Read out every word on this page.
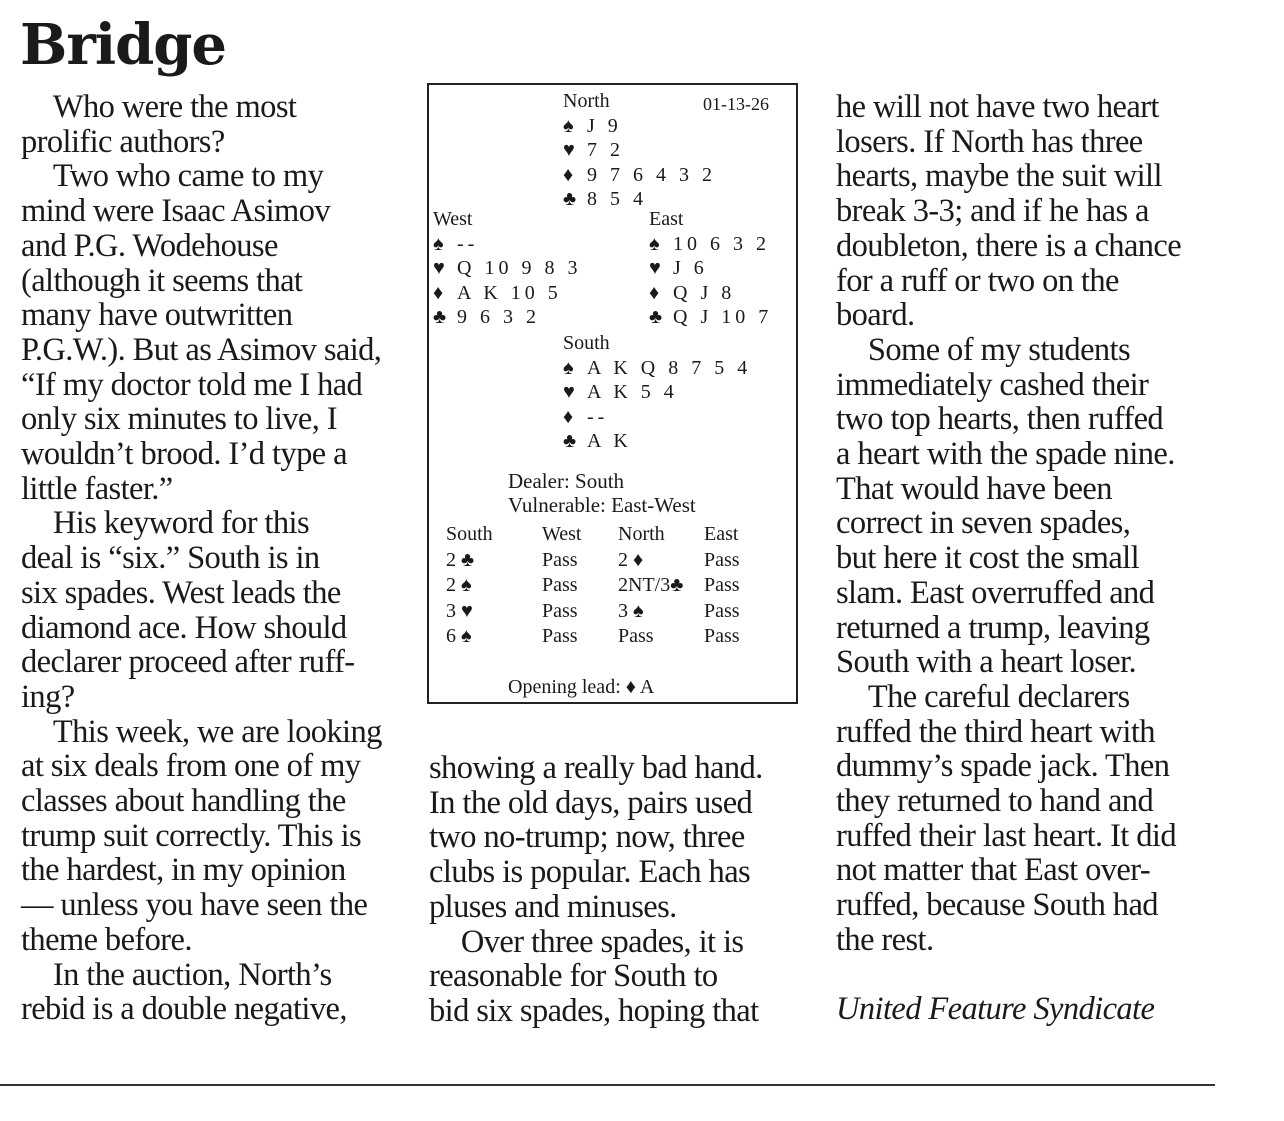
Bridge

 Who were the most

prolific authors?

 Two who came to my

mind were Isaac Asimov

and P.G. Wodehouse

(although it seems that

many have outwritten

P.G.W.). But as Asimov said,

“If my doctor told me I had

only six minutes to live, I

wouldn’t brood. I’d type a

little faster.”

 His keyword for this

deal is “six.” South is in

six spades. West leads the

diamond ace. How should

declarer proceed after ruff-

ing?

 This week, we are looking

at six deals from one of my

classes about handling the

trump suit correctly. This is

the hardest, in my opinion

— unless you have seen the

theme before.

 In the auction, North’s

rebid is a double negative,

01-13-26
North
♠ J 9
♥ 7 2
♦ 9 7 6 4 3 2
♣ 8 5 4
West
♠ --
♥ Q 10 9 8 3
♦ A K 10 5
♣ 9 6 3 2
East
♠ 10 6 3 2
♥ J 6
♦ Q J 8
♣ Q J 10 7
South
♠ A K Q 8 7 5 4
♥ A K 5 4
♦ --
♣ A K
Dealer: South
Vulnerable: East-West
South	West	North	East
2 ♣	Pass	2 ♦	Pass
2 ♠	Pass	2NT/3♣	Pass
3 ♥	Pass	3 ♠	Pass
6 ♠	Pass	Pass	Pass
Opening lead: ♦ A

showing a really bad hand.

In the old days, pairs used

two no-trump; now, three

clubs is popular. Each has

pluses and minuses.

 Over three spades, it is

reasonable for South to

bid six spades, hoping that

he will not have two heart

losers. If North has three

hearts, maybe the suit will

break 3-3; and if he has a

doubleton, there is a chance

for a ruff or two on the

board.

 Some of my students

immediately cashed their

two top hearts, then ruffed

a heart with the spade nine.

That would have been

correct in seven spades,

but here it cost the small

slam. East overruffed and

returned a trump, leaving

South with a heart loser.

 The careful declarers

ruffed the third heart with

dummy’s spade jack. Then

they returned to hand and

ruffed their last heart. It did

not matter that East over-

ruffed, because South had

the rest.

United Feature Syndicate
